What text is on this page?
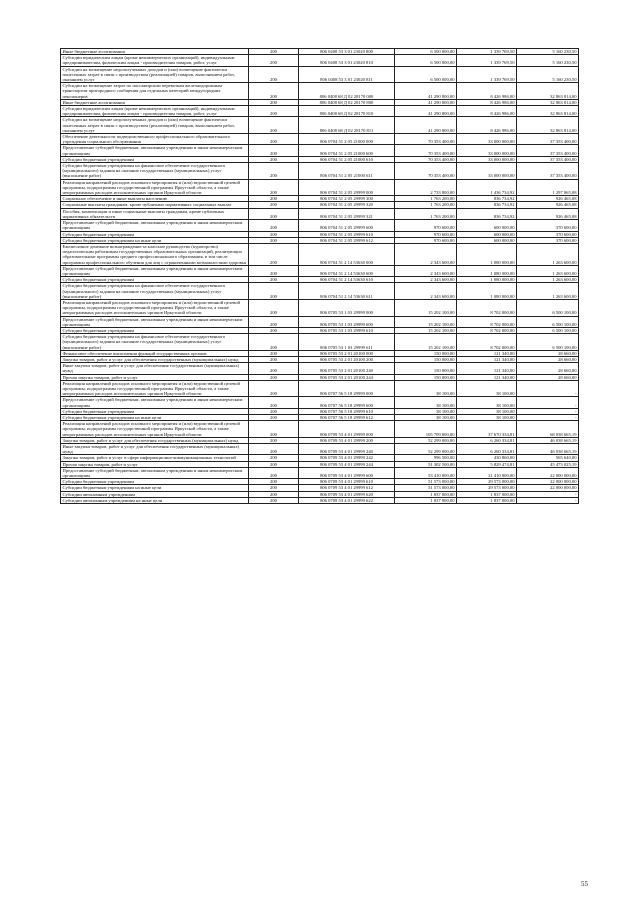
Иные бюджетные ассигнования	200	806 0408 53 3 01 23020 800	6 500 000,00	1 339 769,50	5 160 230,50
Субсидии юридическим лицам (кроме некоммерческих организаций), индивидуальным предпринимателям, физическим лицам - производителям товаров, работ, услуг	200	806 0408 53 3 01 23020 810	6 500 000,00	1 339 769,50	5 160 230,50
Субсидии на возмещение недополученных доходов и (или) возмещение фактически понесенных затрат в связи с производством (реализацией) товаров, выполнением работ, оказанием услуг	200	806 0408 53 3 01 23020 811	6 500 000,00	1 339 769,50	5 160 230,50
Субсидии на возмещение затрат по пассажирским перевозкам железнодорожным транспортом пригородного сообщения для отдельных категорий междугородних пенсионеров	200	806 0408 68 Д 02 28170 000	41 290 800,00	8 426 986,00	32 863 814,00
Иные бюджетные ассигнования	200	806 0408 68 Д 02 28170 800	41 290 800,00	8 426 986,00	32 863 814,00
Субсидии юридическим лицам (кроме некоммерческих организаций), индивидуальным предпринимателям, физическим лицам - производителям товаров, работ, услуг	200	806 0408 68 Д 02 28170 810	41 290 800,00	8 426 986,00	32 863 814,00
Субсидии на возмещение недополученных доходов и (или) возмещение фактически понесенных затрат в связи с производством (реализацией) товаров, выполнением работ, оказанием услуг	200	806 0408 68 Д 02 28170 811	41 290 800,00	8 426 986,00	32 863 814,00
Обеспечение деятельности подведомственного профессионального образовательного учреждения социального обслуживания	200	806 0704 51 2 05 21000 000	70 353 400,00	33 000 000,00	37 353 400,00
Предоставление субсидий бюджетным, автономным учреждениям и иным некоммерческим организациям	200	806 0704 51 2 05 21000 600	70 353 400,00	33 000 000,00	37 353 400,00
Субсидии бюджетным учреждениям	200	806 0704 51 2 05 21000 610	70 353 400,00	33 000 000,00	37 353 400,00
Субсидии бюджетным учреждениям на финансовое обеспечение государственного (муниципального) задания на оказание государственных (муниципальных) услуг (выполнение работ)	200	806 0704 51 2 05 21000 611	70 353 400,00	33 000 000,00	37 353 400,00
Реализация направлений расходов основного мероприятия и (или) ведомственной целевой программы, подпрограммы государственной программы Иркутской области, а также непрограммных расходов исполнительных органов Иркутской области	200	806 0704 51 2 05 29999 000	2 733 800,00	1 436 734,92	1 297 065,08
Социальное обеспечение и иные выплаты населению	200	806 0704 51 2 05 29999 300	1 763 200,00	836 734,92	926 465,08
Социальные выплаты гражданам, кроме публичных нормативных социальных выплат	200	806 0704 51 2 05 29999 320	1 763 200,00	836 734,92	926 465,08
Пособия, компенсации и иные социальные выплаты гражданам, кроме публичных нормативных обязательств	200	806 0704 51 2 05 29999 321	1 763 200,00	836 734,92	926 465,08
Предоставление субсидий бюджетным, автономным учреждениям и иным некоммерческим организациям	200	806 0704 51 2 05 29999 600	970 600,00	600 000,00	370 600,00
Субсидии бюджетным учреждениям	200	806 0704 51 2 05 29999 610	970 600,00	600 000,00	370 600,00
Субсидии бюджетным учреждениям на иные цели	200	806 0704 51 2 05 29999 612	970 600,00	600 000,00	370 600,00
Ежемесячное денежное вознаграждение за классное руководство (кураторство) педагогическим работникам государственных образовательных организаций, реализующих образовательные программы среднего профессионального образования, в том числе программы профессионального обучения для лиц с ограниченными возможностями здоровья	200	806 0704 51 2 14 53630 000	2 343 600,00	1 080 000,00	1 263 600,00
Предоставление субсидий бюджетным, автономным учреждениям и иным некоммерческим организациям	200	806 0704 51 2 14 53630 600	2 343 600,00	1 080 000,00	1 263 600,00
Субсидии бюджетным учреждениям	200	806 0704 51 2 14 53630 610	2 343 600,00	1 080 000,00	1 263 600,00
Субсидии бюджетным учреждениям на финансовое обеспечение государственного (муниципального) задания на оказание государственных (муниципальных) услуг (выполнение работ)	200	806 0704 51 2 14 53630 611	2 343 600,00	1 080 000,00	1 263 600,00
Реализация направлений расходов основного мероприятия и (или) ведомственной целевой программы, подпрограммы государственной программы Иркутской области, а также непрограммных расходов исполнительных органов Иркутской области	200	806 0705 53 1 03 29999 000	15 202 100,00	8 702 000,00	6 500 100,00
Предоставление субсидий бюджетным, автономным учреждениям и иным некоммерческим организациям	200	806 0705 53 1 03 29999 600	15 202 100,00	8 702 000,00	6 500 100,00
Субсидии бюджетным учреждениям	200	806 0705 53 1 03 29999 610	15 202 100,00	8 702 000,00	6 500 100,00
Субсидии бюджетным учреждениям на финансовое обеспечение государственного (муниципального) задания на оказание государственных (муниципальных) услуг (выполнение работ)	200	806 0705 53 1 03 29999 611	15 202 100,00	8 702 000,00	6 500 100,00
Финансовое обеспечение выполнения функций государственных органов	200	806 0705 53 2 01 20100 000	150 000,00	121 340,00	28 660,00
Закупка товаров, работ и услуг для обеспечения государственных (муниципальных) нужд	200	806 0705 53 2 01 20100 200	150 000,00	121 340,00	28 660,00
Иные закупки товаров, работ и услуг для обеспечения государственных (муниципальных) нужд	200	806 0705 53 2 01 20100 240	150 000,00	121 340,00	28 660,00
Прочая закупка товаров, работ и услуг	200	806 0705 53 2 01 20100 244	150 000,00	121 340,00	28 660,00
Реализация направлений расходов основного мероприятия и (или) ведомственной целевой программы, подпрограммы государственной программы Иркутской области, а также непрограммных расходов исполнительных органов Иркутской области	200	806 0707 56 5 18 29999 000	38 100,00	38 100,00	-
Предоставление субсидий бюджетным, автономным учреждениям и иным некоммерческим организациям	200	806 0707 56 5 18 29999 600	38 100,00	38 100,00	-
Субсидии бюджетным учреждениям	200	806 0707 56 5 18 29999 610	38 100,00	38 100,00	-
Субсидии бюджетным учреждениям на иные цели	200	806 0707 56 5 18 29999 612	38 100,00	38 100,00	-
Реализация направлений расходов основного мероприятия и (или) ведомственной целевой программы, подпрограммы государственной программы Иркутской области, а также непрограммных расходов исполнительных органов Иркутской области	200	806 0709 53 4 01 29999 000	105 709 000,00	37 670 334,81	68 038 665,19
Закупка товаров, работ и услуг для обеспечения государственных (муниципальных) нужд	200	806 0709 53 4 01 29999 200	52 299 000,00	6 260 334,81	46 038 665,19
Иные закупки товаров, работ и услуг для обеспечения государственных (муниципальных) нужд	200	806 0709 53 4 01 29999 240	52 299 000,00	6 260 334,81	46 038 665,19
Закупка товаров, работ и услуг в сфере информационно-коммуникационных технологий	200	806 0709 53 4 01 29999 242	996 500,00	430 860,00	565 640,00
Прочая закупка товаров, работ и услуг	200	806 0709 53 4 01 29999 244	51 302 500,00	5 829 474,81	45 473 025,19
Предоставление субсидий бюджетным, автономным учреждениям и иным некоммерческим организациям	200	806 0709 53 4 01 29999 600	53 410 000,00	31 410 000,00	22 000 000,00
Субсидии бюджетным учреждениям	200	806 0709 53 4 01 29999 610	51 573 000,00	29 573 000,00	22 000 000,00
Субсидии бюджетным учреждениям на иные цели	200	806 0709 53 4 01 29999 612	51 573 000,00	29 573 000,00	22 000 000,00
Субсидии автономным учреждениям	200	806 0709 53 4 01 29999 620	1 837 000,00	1 837 000,00	-
Субсидии автономным учреждениям на иные цели	200	806 0709 53 4 01 29999 622	1 837 000,00	1 837 000,00	-
55
